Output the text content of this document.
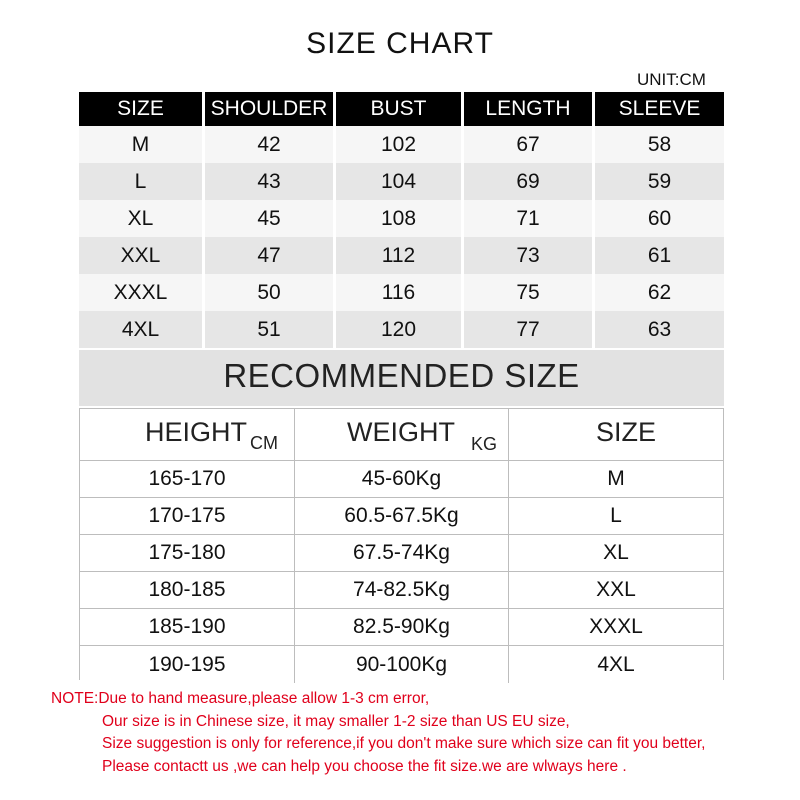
SIZE CHART
UNIT:CM
SIZE	SHOULDER	BUST	LENGTH	SLEEVE
M	42	102	67	58
L	43	104	69	59
XL	45	108	71	60
XXL	47	112	73	61
XXXL	50	116	75	62
4XL	51	120	77	63
RECOMMENDED SIZE
HEIGHT CM	WEIGHT KG	SIZE
165-170	45-60Kg	M
170-175	60.5-67.5Kg	L
175-180	67.5-74Kg	XL
180-185	74-82.5Kg	XXL
185-190	82.5-90Kg	XXXL
190-195	90-100Kg	4XL
NOTE:Due to hand measure,please allow 1-3 cm error,
Our size is in Chinese size, it may smaller 1-2 size than US EU size,
Size suggestion is only for reference,if you don't make sure which size can fit you better,
Please contactt us ,we can help you choose the fit size.we are wlways here .
